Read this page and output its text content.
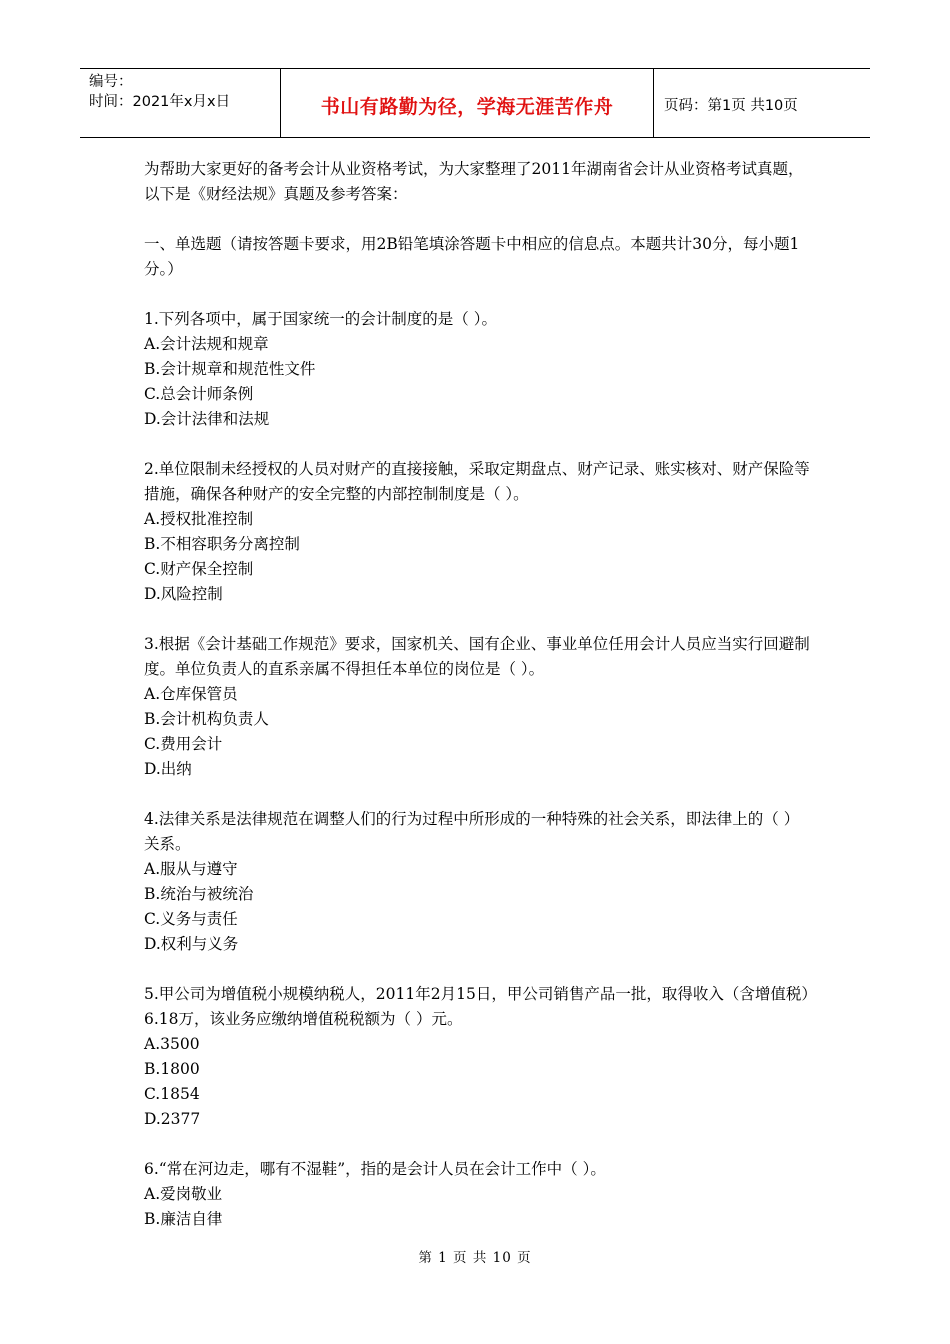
编号：
时间：2021年x月x日	书山有路勤为径，学海无涯苦作舟	页码：第1页 共10页

为帮助大家更好的备考会计从业资格考试，为大家整理了2011年湖南省会计从业资格考试真题，以下是《财经法规》真题及参考答案：

一、单选题（请按答题卡要求，用2B铅笔填涂答题卡中相应的信息点。本题共计30分，每小题1分。）

1.下列各项中，属于国家统一的会计制度的是（ ）。

A.会计法规和规章

B.会计规章和规范性文件

C.总会计师条例

D.会计法律和法规

2.单位限制未经授权的人员对财产的直接接触，采取定期盘点、财产记录、账实核对、财产保险等措施，确保各种财产的安全完整的内部控制制度是（ ）。

A.授权批准控制

B.不相容职务分离控制

C.财产保全控制

D.风险控制

3.根据《会计基础工作规范》要求，国家机关、国有企业、事业单位任用会计人员应当实行回避制度。单位负责人的直系亲属不得担任本单位的岗位是（ ）。

A.仓库保管员

B.会计机构负责人

C.费用会计

D.出纳

4.法律关系是法律规范在调整人们的行为过程中所形成的一种特殊的社会关系，即法律上的（ ）关系。

A.服从与遵守

B.统治与被统治

C.义务与责任

D.权利与义务

5.甲公司为增值税小规模纳税人，2011年2月15日，甲公司销售产品一批，取得收入（含增值税）6.18万，该业务应缴纳增值税税额为（ ）元。

A.3500

B.1800

C.1854

D.2377

6.“常在河边走，哪有不湿鞋”，指的是会计人员在会计工作中（ ）。

A.爱岗敬业

B.廉洁自律

第 1 页 共 10 页
